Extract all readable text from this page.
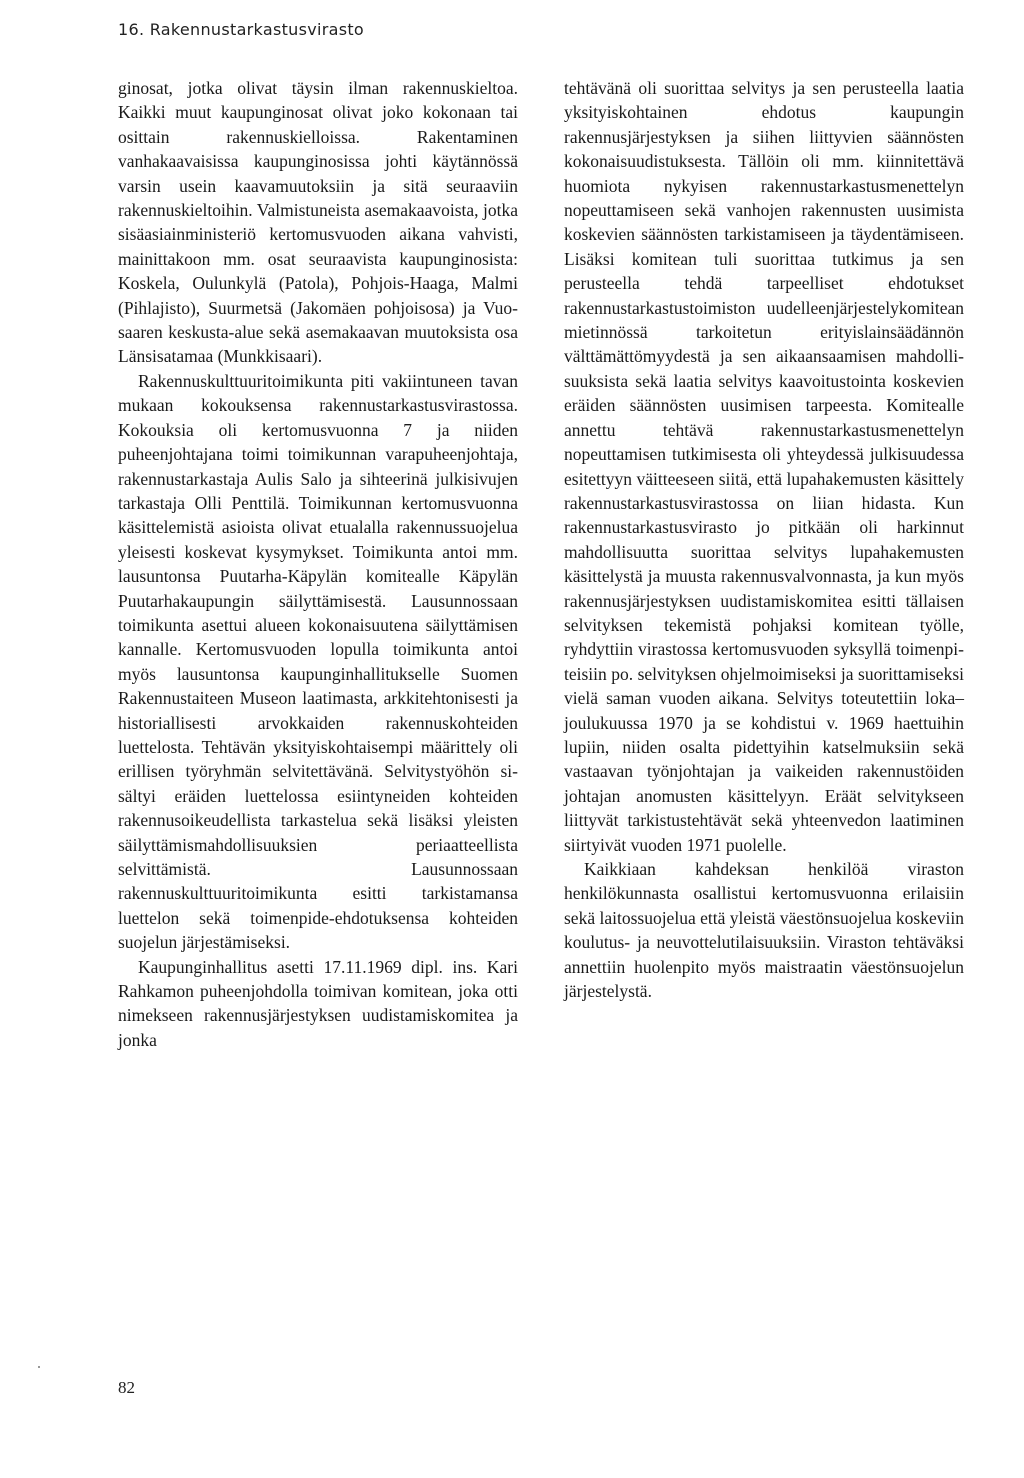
16. Rakennustarkastusvirasto

ginosat, jotka olivat täysin ilman rakennuskieltoa. Kaikki muut kaupunginosat olivat joko kokonaan tai osittain rakennuskielloissa. Rakentaminen vanhakaavaisissa kaupunginosissa johti käytännössä varsin usein kaavamuutoksiin ja sitä seuraaviin rakennuskieltoihin. Valmistuneista asemakaavoista, jotka sisäasiainministeriö kertomusvuoden aikana vahvisti, mainittakoon mm. osat seuraavista kaupunginosista: Koskela, Oulunkylä (Patola), Pohjois-Haaga, Malmi (Pihlajisto), Suurmetsä (Jakomäen pohjoisosa) ja Vuosaaren keskusta-alue sekä asemakaavan muutoksista osa Länsisatamaa (Munkkisaari).

Rakennuskulttuuritoimikunta piti vakiintuneen tavan mukaan kokouksensa rakennustarkastusvirastossa. Kokouksia oli kertomusvuonna 7 ja niiden puheenjohtajana toimi toimikunnan varapuheenjohtaja, rakennustarkastaja Aulis Salo ja sihteerinä julkisivujen tarkastaja Olli Penttilä. Toimikunnan kertomusvuonna käsittelemistä asioista olivat etualalla rakennussuojelua yleisesti koskevat kysymykset. Toimikunta antoi mm. lausuntonsa Puutarha-Käpylän komitealle Käpylän Puutarhakaupungin säilyttämisestä. Lausunnossaan toimikunta asettui alueen kokonaisuutena säilyttämisen kannalle. Kertomusvuoden lopulla toimikunta antoi myös lausuntonsa kaupunginhallitukselle Suomen Rakennustaiteen Museon laatimasta, arkkitehtonisesti ja historiallisesti arvokkaiden rakennuskohteiden luettelosta. Tehtävän yksityiskohtaisempi määrittely oli erillisen työryhmän selvitettävänä. Selvitystyöhön sisältyi eräiden luettelossa esiintyneiden kohteiden rakennusoikeudellista tarkastelua sekä lisäksi yleisten säilyttämismahdollisuuksien periaatteellista selvittämistä. Lausunnossaan rakennuskulttuuritoimikunta esitti tarkistamansa luettelon sekä toimenpide-ehdotuksensa kohteiden suojelun järjestämiseksi.

Kaupunginhallitus asetti 17.11.1969 dipl. ins. Kari Rahkamon puheenjohdolla toimivan komitean, joka otti nimekseen rakennusjärjestyksen uudistamiskomitea ja jonka

tehtävänä oli suorittaa selvitys ja sen perusteella laatia yksityiskohtainen ehdotus kaupungin rakennusjärjestyksen ja siihen liittyvien säännösten kokonaisuudistuksesta. Tällöin oli mm. kiinnitettävä huomiota nykyisen rakennustarkastusmenettelyn nopeuttamiseen sekä vanhojen rakennusten uusimista koskevien säännösten tarkistamiseen ja täydentämiseen. Lisäksi komitean tuli suorittaa tutkimus ja sen perusteella tehdä tarpeelliset ehdotukset rakennustarkastustoimiston uudelleenjärjestelykomitean mietinnössä tarkoitetun erityislainsäädännön välttämättömyydestä ja sen aikaansaamisen mahdollisuuksista sekä laatia selvitys kaavoitustointa koskevien eräiden säännösten uusimisen tarpeesta. Komitealle annettu tehtävä rakennustarkastusmenettelyn nopeuttamisen tutkimisesta oli yhteydessä julkisuudessa esitettyyn väitteeseen siitä, että lupahakemusten käsittely rakennustarkastusvirastossa on liian hidasta. Kun rakennustarkastusvirasto jo pitkään oli harkinnut mahdollisuutta suorittaa selvitys lupahakemusten käsittelystä ja muusta rakennusvalvonnasta, ja kun myös rakennusjärjestyksen uudistamiskomitea esitti tällaisen selvityksen tekemistä pohjaksi komitean työlle, ryhdyttiin virastossa kertomusvuoden syksyllä toimenpiteisiin po. selvityksen ohjelmoimiseksi ja suorittamiseksi vielä saman vuoden aikana. Selvitys toteutettiin loka–joulukuussa 1970 ja se kohdistui v. 1969 haettuihin lupiin, niiden osalta pidettyihin katselmuksiin sekä vastaavan työnjohtajan ja vaikeiden rakennustöiden johtajan anomusten käsittelyyn. Eräät selvitykseen liittyvät tarkistustehtävät sekä yhteenvedon laatiminen siirtyivät vuoden 1971 puolelle.

Kaikkiaan kahdeksan henkilöä viraston henkilökunnasta osallistui kertomusvuonna erilaisiin sekä laitossuojelua että yleistä väestönsuojelua koskeviin koulutus- ja neuvottelutilaisuuksiin. Viraston tehtäväksi annettiin huolenpito myös maistraatin väestönsuojelun järjestelystä.

82
